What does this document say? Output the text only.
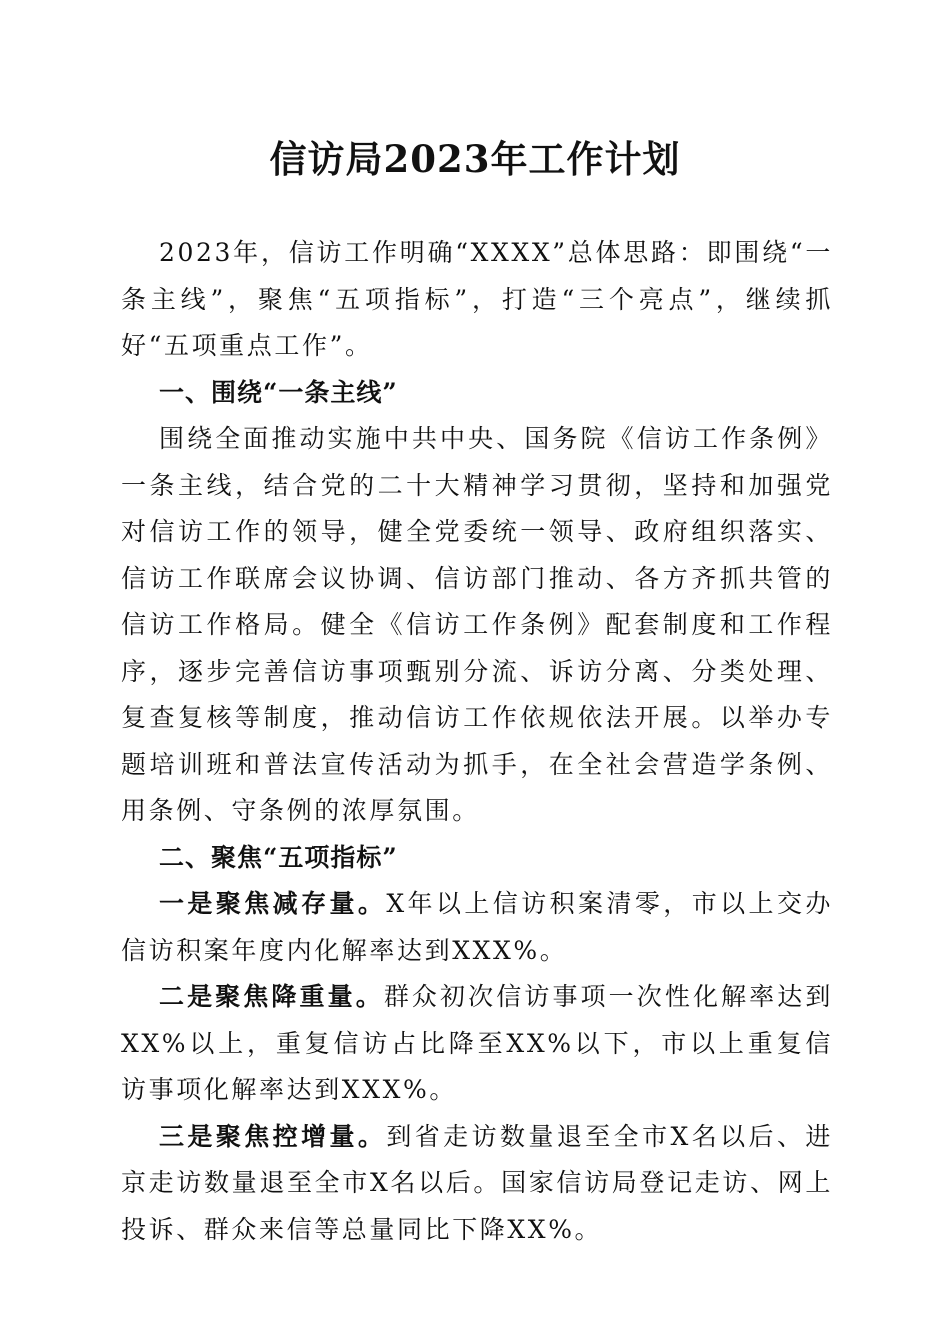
信访局2023年工作计划

2023年，信访工作明确“XXXX”总体思路：即围绕“一条主线”，聚焦“五项指标”，打造“三个亮点”，继续抓好“五项重点工作”。

一、围绕“一条主线”

围绕全面推动实施中共中央、国务院《信访工作条例》一条主线，结合党的二十大精神学习贯彻，坚持和加强党对信访工作的领导，健全党委统一领导、政府组织落实、信访工作联席会议协调、信访部门推动、各方齐抓共管的信访工作格局。健全《信访工作条例》配套制度和工作程序，逐步完善信访事项甄别分流、诉访分离、分类处理、复查复核等制度，推动信访工作依规依法开展。以举办专题培训班和普法宣传活动为抓手，在全社会营造学条例、用条例、守条例的浓厚氛围。

二、聚焦“五项指标”

一是聚焦减存量。X年以上信访积案清零，市以上交办信访积案年度内化解率达到XXX%。

二是聚焦降重量。群众初次信访事项一次性化解率达到XX%以上，重复信访占比降至XX%以下，市以上重复信访事项化解率达到XXX%。

三是聚焦控增量。到省走访数量退至全市X名以后、进京走访数量退至全市X名以后。国家信访局登记走访、网上投诉、群众来信等总量同比下降XX%。
